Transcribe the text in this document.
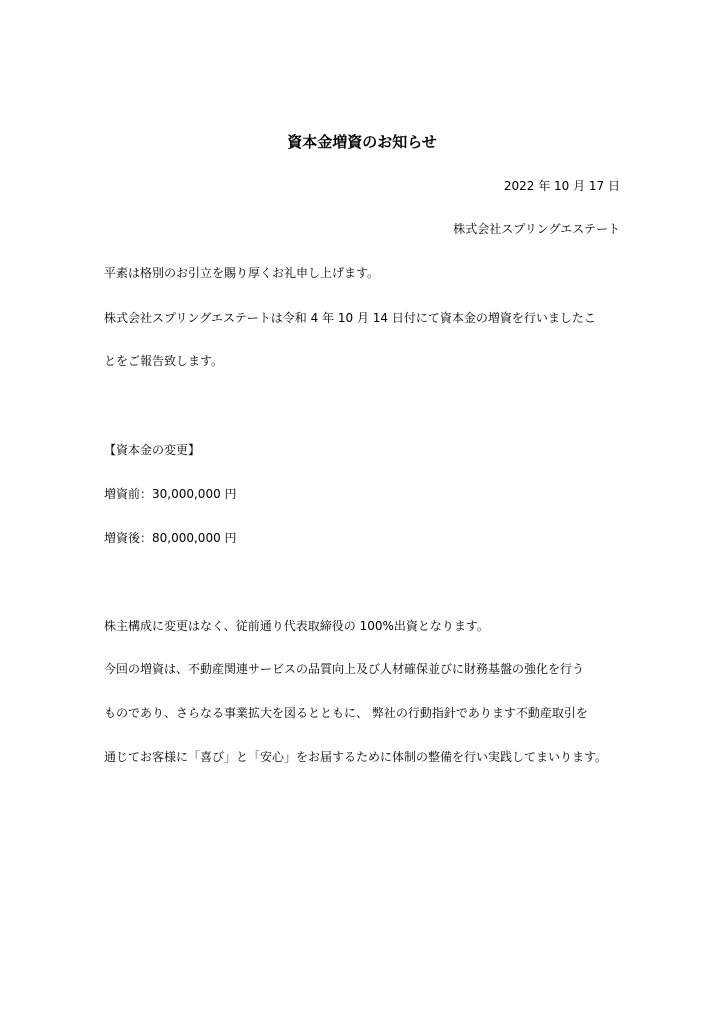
資本金増資のお知らせ

2022 年 10 月 17 日

株式会社スプリングエステート

平素は格別のお引立を賜り厚くお礼申し上げます。

株式会社スプリングエステートは令和 4 年 10 月 14 日付にて資本金の増資を行いましたこ

とをご報告致します。

【資本金の変更】

増資前：30,000,000 円

増資後：80,000,000 円

株主構成に変更はなく、従前通り代表取締役の 100%出資となります。

今回の増資は、不動産関連サービスの品質向上及び人材確保並びに財務基盤の強化を行う

ものであり、さらなる事業拡大を図るとともに、 弊社の行動指針であります不動産取引を

通じてお客様に「喜び」と「安心」をお届するために体制の整備を行い実践してまいります。
